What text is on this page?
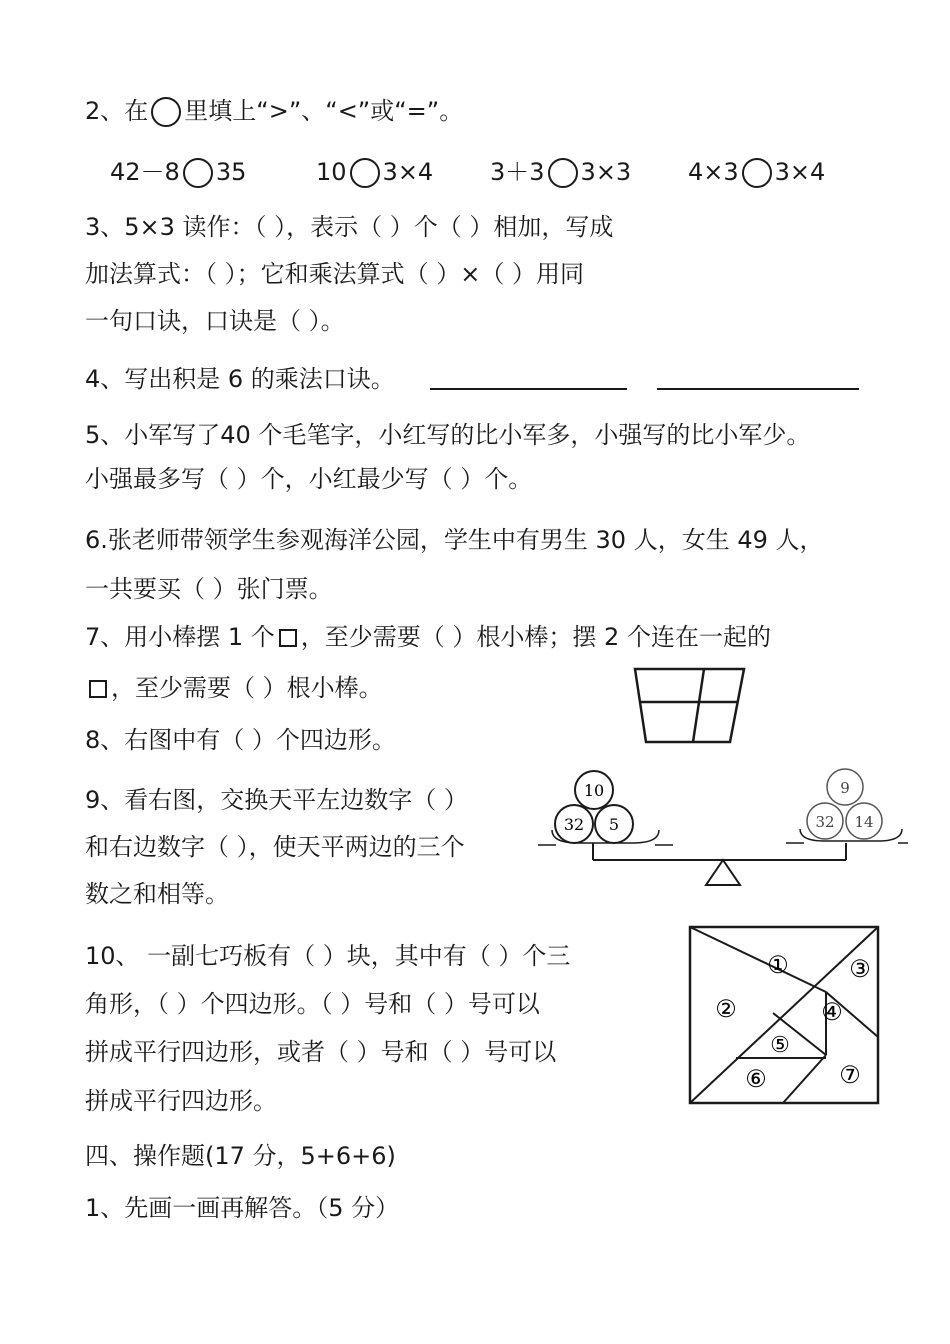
2、在 里填上“>”、“<”或“=”。
42－8 35	10 3×4 3＋3 3×3 4×3 3×4
3、5×3 读作：（ ），表示（ ）个（ ）相加，写成
加法算式：（ ）；它和乘法算式（ ）×（ ）用同
一句口诀，口诀是（ ）。
4、写出积是 6 的乘法口诀。
5、小军写了40 个毛笔字，小红写的比小军多，小强写的比小军少。
小强最多写（ ）个，小红最少写（ ）个。
6.张老师带领学生参观海洋公园，学生中有男生 30 人，女生 49 人，
一共要买（ ）张门票。
7、用小棒摆 1 个 ，至少需要（ ）根小棒；摆 2 个连在一起的
，至少需要（ ）根小棒。
8、右图中有（ ）个四边形。
9、看右图，交换天平左边数字（ ）
和右边数字（ ），使天平两边的三个
数之和相等。
10
32 5
9
32 14
10、 一副七巧板有（ ）块，其中有（ ）个三
角形，（ ）个四边形。（ ）号和（ ）号可以
拼成平行四边形，或者（ ）号和（ ）号可以
拼成平行四边形。
①
②
③
④
⑤
⑥	⑦
四、操作题(17 分，5+6+6)
1、先画一画再解答。（5 分）
